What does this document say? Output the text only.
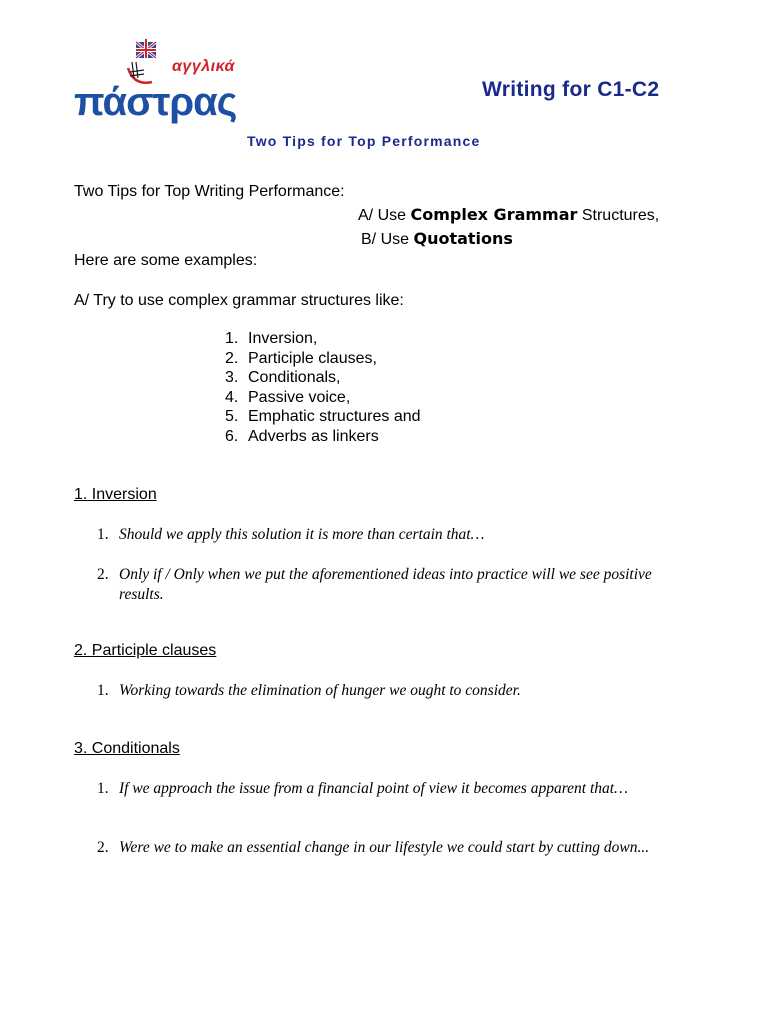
αγγλικά
πάστρας	Writing for C1-C2
Two Tips for Top Performance
Two Tips for Top Writing Performance:
A/ Use Complex Grammar Structures,
B/ Use Quotations
Here are some examples:
A/ Try to use complex grammar structures like:
1. Inversion,
2. Participle clauses,
3. Conditionals,
4. Passive voice,
5. Emphatic structures and
6. Adverbs as linkers
1. Inversion
1. Should we apply this solution it is more than certain that…
2. Only if / Only when we put the aforementioned ideas into practice will we see positive results.
2. Participle clauses
1. Working towards the elimination of hunger we ought to consider.
3. Conditionals
1. If we approach the issue from a financial point of view it becomes apparent that…
2. Were we to make an essential change in our lifestyle we could start by cutting down...
